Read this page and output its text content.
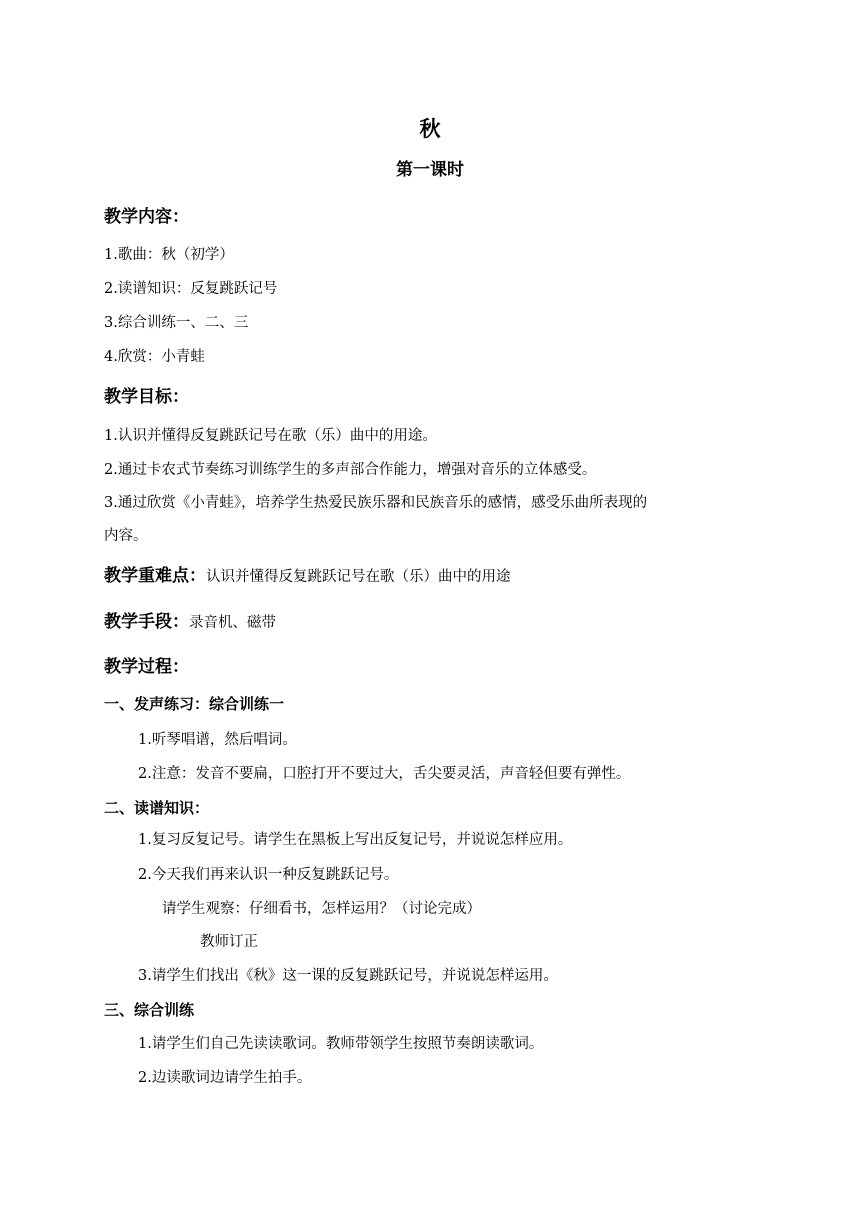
秋
第一课时
教学内容：
1.歌曲：秋（初学）
2.读谱知识：反复跳跃记号
3.综合训练一、二、三
4.欣赏：小青蛙
教学目标：
1.认识并懂得反复跳跃记号在歌（乐）曲中的用途。
2.通过卡农式节奏练习训练学生的多声部合作能力，增强对音乐的立体感受。
3.通过欣赏《小青蛙》，培养学生热爱民族乐器和民族音乐的感情，感受乐曲所表现的
内容。
教学重难点：认识并懂得反复跳跃记号在歌（乐）曲中的用途
教学手段：录音机、磁带
教学过程：
一、发声练习：综合训练一
1.听琴唱谱，然后唱词。
2.注意：发音不要扁，口腔打开不要过大，舌尖要灵活，声音轻但要有弹性。
二、读谱知识：
1.复习反复记号。请学生在黑板上写出反复记号，并说说怎样应用。
2.今天我们再来认识一种反复跳跃记号。
请学生观察：仔细看书，怎样运用？（讨论完成）
教师订正
3.请学生们找出《秋》这一课的反复跳跃记号，并说说怎样运用。
三、综合训练
1.请学生们自己先读读歌词。教师带领学生按照节奏朗读歌词。
2.边读歌词边请学生拍手。
